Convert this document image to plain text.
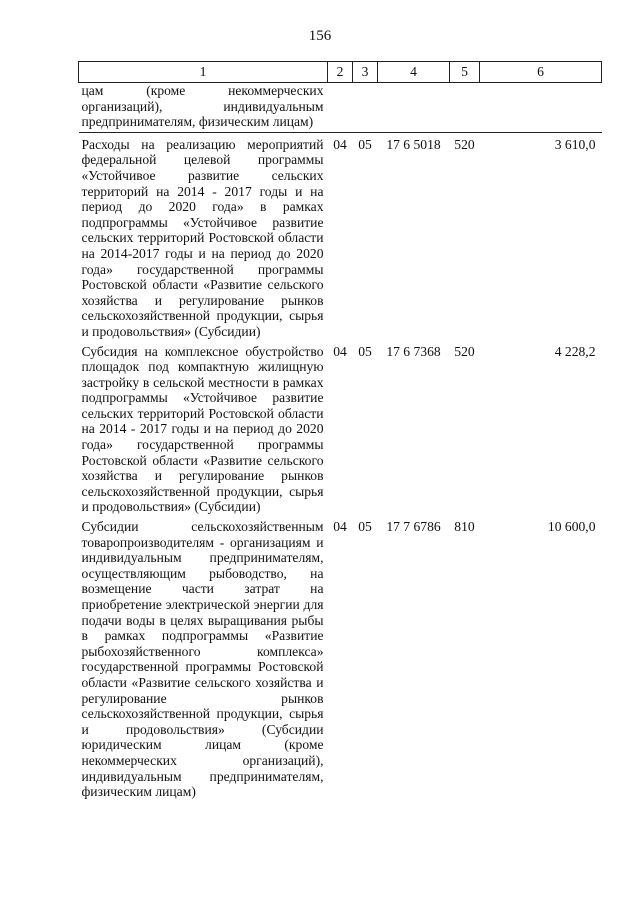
156
1	2	3	4	5	6
цам (кроме некоммерческих организаций), индивидуальным предпринимателям, физическим лицам)					
Расходы на реализацию мероприятий федеральной целевой программы «Устойчивое развитие сельских территорий на 2014 - 2017 годы и на период до 2020 года» в рамках подпрограммы «Устойчивое развитие сельских территорий Ростовской области на 2014-2017 годы и на период до 2020 года» государственной программы Ростовской области «Развитие сельского хозяйства и регулирование рынков сельскохозяйственной продукции, сырья и продовольствия» (Субсидии)	04	05	17 6 5018	520	3 610,0
Субсидия на комплексное обустройство площадок под компактную жилищную застройку в сельской местности в рамках подпрограммы «Устойчивое развитие сельских территорий Ростовской области на 2014 - 2017 годы и на период до 2020 года» государственной программы Ростовской области «Развитие сельского хозяйства и регулирование рынков сельскохозяйственной продукции, сырья и продовольствия» (Субсидии)	04	05	17 6 7368	520	4 228,2
Субсидии сельскохозяйственным товаропроизводителям - организациям и индивидуальным предпринимателям, осуществляющим рыбоводство, на возмещение части затрат на приобретение электрической энергии для подачи воды в целях выращивания рыбы в рамках подпрограммы «Развитие рыбохозяйственного комплекса» государственной программы Ростовской области «Развитие сельского хозяйства и регулирование рынков сельскохозяйственной продукции, сырья и продовольствия» (Субсидии юридическим лицам (кроме некоммерческих организаций), индивидуальным предпринимателям, физическим лицам)	04	05	17 7 6786	810	10 600,0
